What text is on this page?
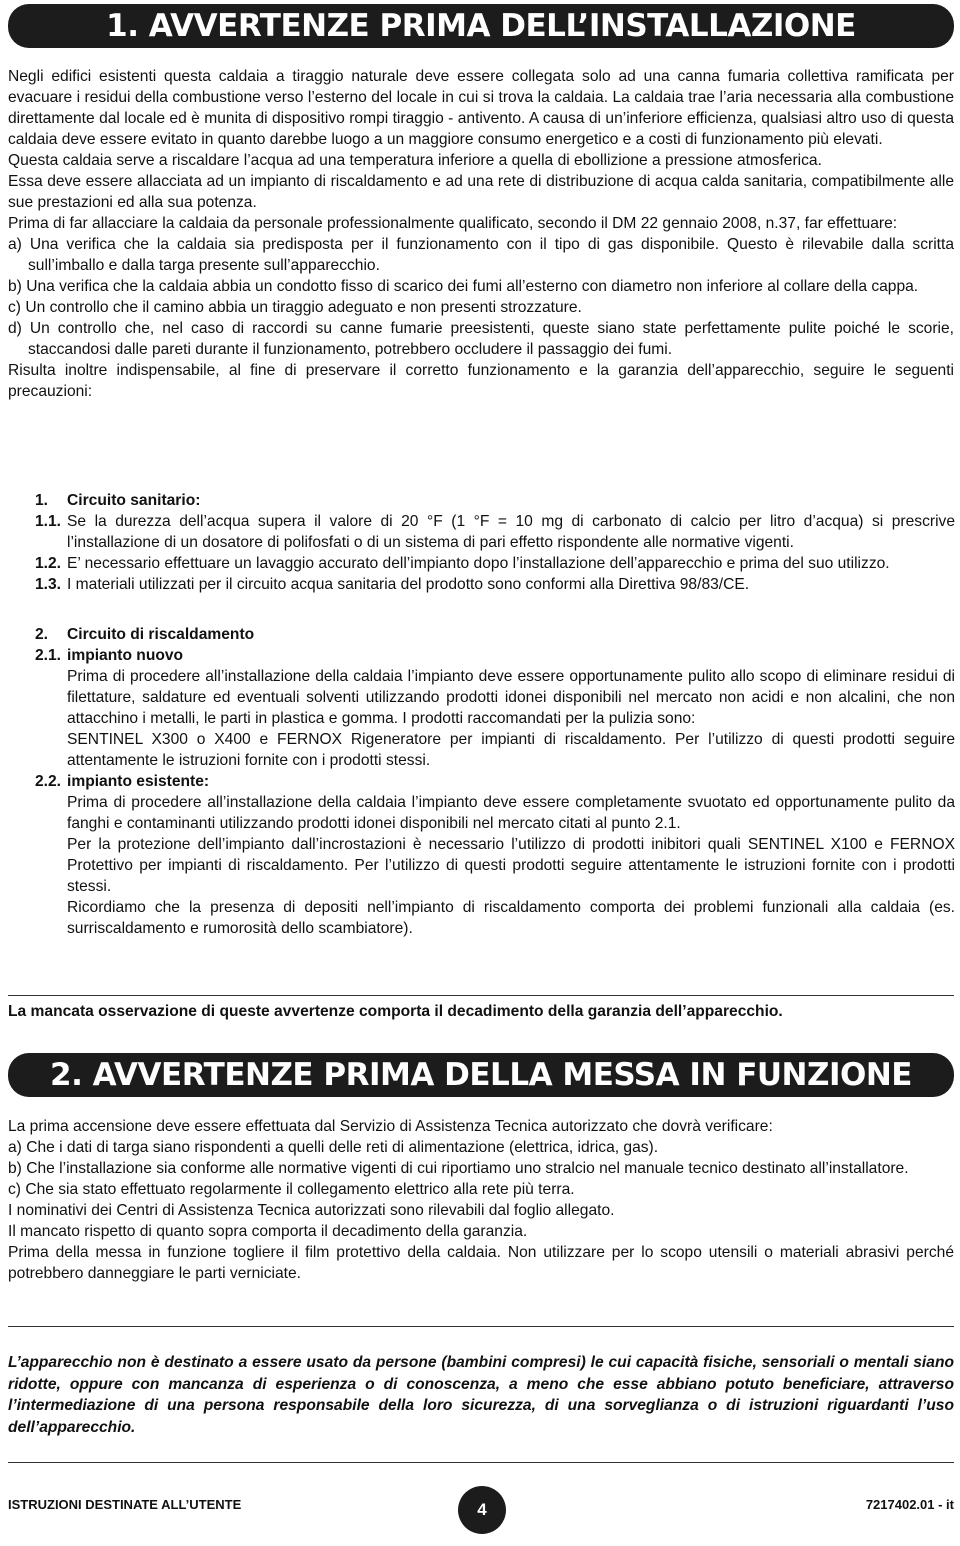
1. AVVERTENZE PRIMA DELL’INSTALLAZIONE

Negli edifici esistenti questa caldaia a tiraggio naturale deve essere collegata solo ad una canna fumaria collettiva ramificata per evacuare i residui della combustione verso l’esterno del locale in cui si trova la caldaia. La caldaia trae l’aria necessaria alla combustione direttamente dal locale ed è munita di dispositivo rompi tiraggio - antivento. A causa di un’inferiore efficienza, qualsiasi altro uso di questa caldaia deve essere evitato in quanto darebbe luogo a un maggiore consumo energetico e a costi di funzionamento più elevati.

Questa caldaia serve a riscaldare l’acqua ad una temperatura inferiore a quella di ebollizione a pressione atmosferica.

Essa deve essere allacciata ad un impianto di riscaldamento e ad una rete di distribuzione di acqua calda sanitaria, compatibilmente alle sue prestazioni ed alla sua potenza.

Prima di far allacciare la caldaia da personale professionalmente qualificato, secondo il DM 22 gennaio 2008, n.37, far effettuare:

a) Una verifica che la caldaia sia predisposta per il funzionamento con il tipo di gas disponibile. Questo è rilevabile dalla scritta sull’imballo e dalla targa presente sull’apparecchio.

b) Una verifica che la caldaia abbia un condotto fisso di scarico dei fumi all’esterno con diametro non inferiore al collare della cappa.

c) Un controllo che il camino abbia un tiraggio adeguato e non presenti strozzature.

d) Un controllo che, nel caso di raccordi su canne fumarie preesistenti, queste siano state perfettamente pulite poiché le scorie, staccandosi dalle pareti durante il funzionamento, potrebbero occludere il passaggio dei fumi.

Risulta inoltre indispensabile, al fine di preservare il corretto funzionamento e la garanzia dell’apparecchio, seguire le seguenti precauzioni:

1.	Circuito sanitario:
1.1. Se la durezza dell’acqua supera il valore di 20 °F (1 °F = 10 mg di carbonato di calcio per litro d’acqua) si prescrive l’installazione di un dosatore di polifosfati o di un sistema di pari effetto rispondente alle normative vigenti.
1.2. E’ necessario effettuare un lavaggio accurato dell’impianto dopo l’installazione dell’apparecchio e prima del suo utilizzo.
1.3. I materiali utilizzati per il circuito acqua sanitaria del prodotto sono conformi alla Direttiva 98/83/CE.
2.	Circuito di riscaldamento
2.1. impianto nuovo
Prima di procedere all’installazione della caldaia l’impianto deve essere opportunamente pulito allo scopo di eliminare residui di filettature, saldature ed eventuali solventi utilizzando prodotti idonei disponibili nel mercato non acidi e non alcalini, che non attacchino i metalli, le parti in plastica e gomma. I prodotti raccomandati per la pulizia sono:
SENTINEL X300 o X400 e FERNOX Rigeneratore per impianti di riscaldamento. Per l’utilizzo di questi prodotti seguire attentamente le istruzioni fornite con i prodotti stessi.
2.2. impianto esistente:
Prima di procedere all’installazione della caldaia l’impianto deve essere completamente svuotato ed opportunamente pulito da fanghi e contaminanti utilizzando prodotti idonei disponibili nel mercato citati al punto 2.1.
Per la protezione dell’impianto dall’incrostazioni è necessario l’utilizzo di prodotti inibitori quali SENTINEL X100 e FERNOX Protettivo per impianti di riscaldamento. Per l’utilizzo di questi prodotti seguire attentamente le istruzioni fornite con i prodotti stessi.
Ricordiamo che la presenza di depositi nell’impianto di riscaldamento comporta dei problemi funzionali alla caldaia (es. surriscaldamento e rumorosità dello scambiatore).
La mancata osservazione di queste avvertenze comporta il decadimento della garanzia dell’apparecchio.
2. AVVERTENZE PRIMA DELLA MESSA IN FUNZIONE

La prima accensione deve essere effettuata dal Servizio di Assistenza Tecnica autorizzato che dovrà verificare:

a) Che i dati di targa siano rispondenti a quelli delle reti di alimentazione (elettrica, idrica, gas).

b) Che l’installazione sia conforme alle normative vigenti di cui riportiamo uno stralcio nel manuale tecnico destinato all’installatore.

c) Che sia stato effettuato regolarmente il collegamento elettrico alla rete più terra.

I nominativi dei Centri di Assistenza Tecnica autorizzati sono rilevabili dal foglio allegato.

Il mancato rispetto di quanto sopra comporta il decadimento della garanzia.

Prima della messa in funzione togliere il film protettivo della caldaia. Non utilizzare per lo scopo utensili o materiali abrasivi perché potrebbero danneggiare le parti verniciate.

L’apparecchio non è destinato a essere usato da persone (bambini compresi) le cui capacità fisiche, sensoriali o mentali siano ridotte, oppure con mancanza di esperienza o di conoscenza, a meno che esse abbiano potuto beneficiare, attraverso l’intermediazione di una persona responsabile della loro sicurezza, di una sorveglianza o di istruzioni riguardanti l’uso dell’apparecchio.
ISTRUZIONI DESTINATE ALL’UTENTE	4	7217402.01 - it
